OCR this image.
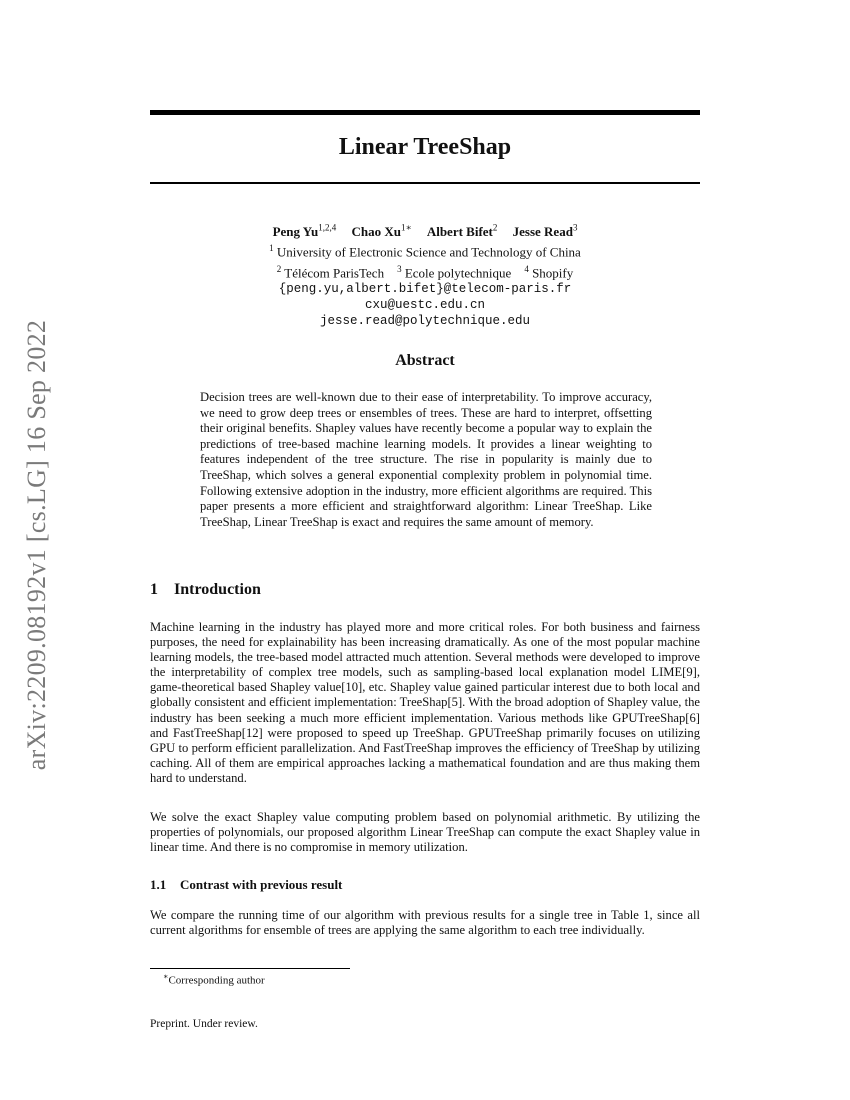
arXiv:2209.08192v1 [cs.LG] 16 Sep 2022
Linear TreeShap
Peng Yu$^{1,2,4}$ Chao $Xu^{1∗}$ Albert Bifet$^2$ Jesse Read$^3$
$^1$ University of Electronic Science and Technology of China
$^2$ Télécom ParisTech $^3$ Ecole polytechnique $^4$ Shopify
{peng.yu,albert.bifet}@telecom-paris.fr
cxu@uestc.edu.cn
jesse.read@polytechnique.edu
Abstract
Decision trees are well-known due to their ease of interpretability. To improve accuracy, we need to grow deep trees or ensembles of trees. These are hard to interpret, offsetting their original benefits. Shapley values have recently become a popular way to explain the predictions of tree-based machine learning models. It provides a linear weighting to features independent of the tree structure. The rise in popularity is mainly due to TreeShap, which solves a general exponential complexity problem in polynomial time. Following extensive adoption in the industry, more efficient algorithms are required. This paper presents a more efficient and straightforward algorithm: Linear TreeShap. Like TreeShap, Linear TreeShap is exact and requires the same amount of memory.
1 Introduction
Machine learning in the industry has played more and more critical roles. For both business and fairness purposes, the need for explainability has been increasing dramatically. As one of the most popular machine learning models, the tree-based model attracted much attention. Several methods were developed to improve the interpretability of complex tree models, such as sampling-based local explanation model LIME[9], game-theoretical based Shapley value[10], etc. Shapley value gained particular interest due to both local and globally consistent and efficient implementation: TreeShap[5]. With the broad adoption of Shapley value, the industry has been seeking a much more efficient implementation. Various methods like GPUTreeShap[6] and FastTreeShap[12] were proposed to speed up TreeShap. GPUTreeShap primarily focuses on utilizing GPU to perform efficient parallelization. And FastTreeShap improves the efficiency of TreeShap by utilizing caching. All of them are empirical approaches lacking a mathematical foundation and are thus making them hard to understand.
We solve the exact Shapley value computing problem based on polynomial arithmetic. By utilizing the properties of polynomials, our proposed algorithm Linear TreeShap can compute the exact Shapley value in linear time. And there is no compromise in memory utilization.
1.1 Contrast with previous result
We compare the running time of our algorithm with previous results for a single tree in Table 1, since all current algorithms for ensemble of trees are applying the same algorithm to each tree individually.
∗Corresponding author
Preprint. Under review.
